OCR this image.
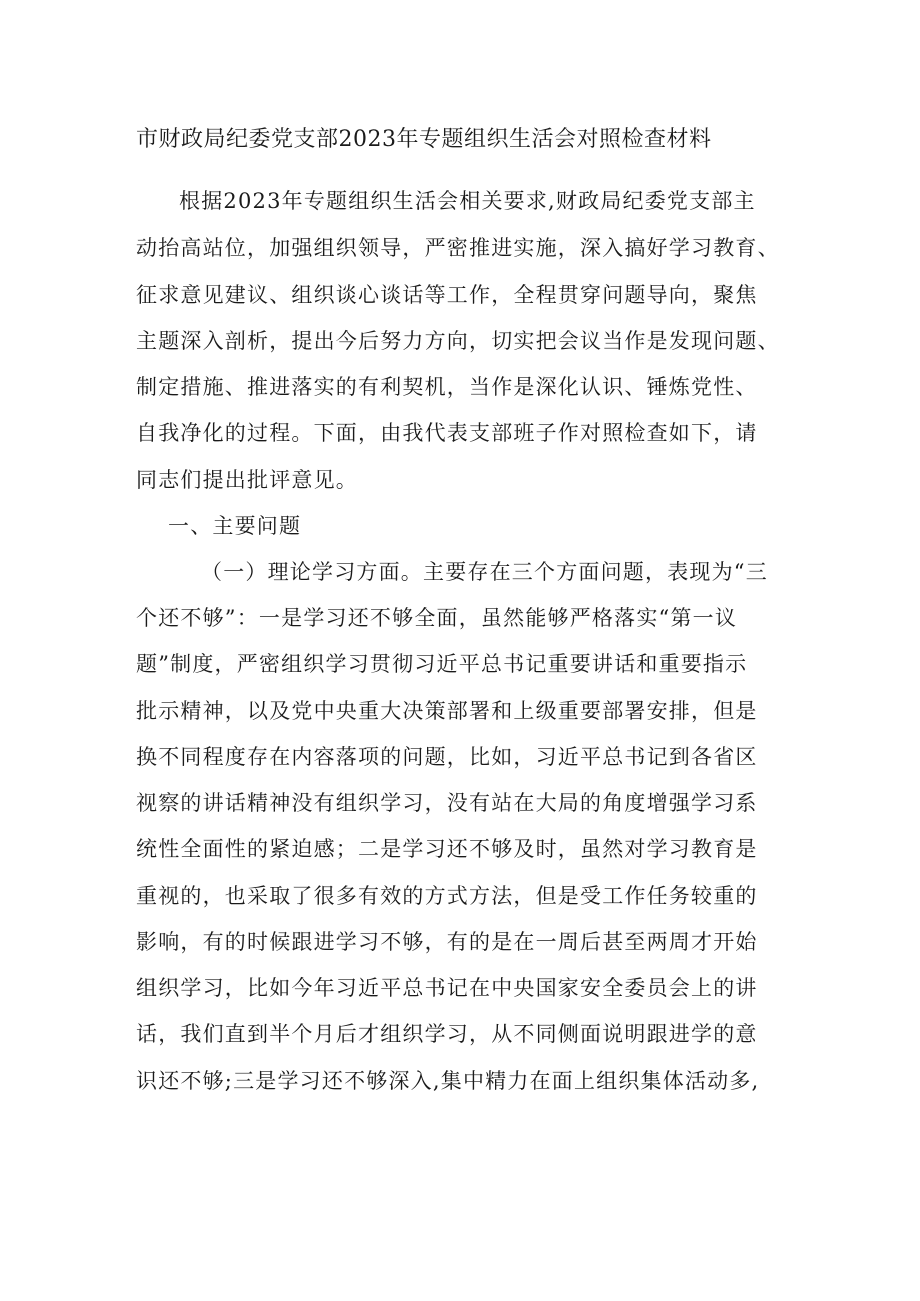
市财政局纪委党支部2023年专题组织生活会对照检查材料
根据2023年专题组织生活会相关要求,财政局纪委党支部主
动抬高站位，加强组织领导，严密推进实施，深入搞好学习教育、
征求意见建议、组织谈心谈话等工作，全程贯穿问题导向，聚焦
主题深入剖析，提出今后努力方向，切实把会议当作是发现问题、
制定措施、推进落实的有利契机，当作是深化认识、锤炼党性、
自我净化的过程。下面，由我代表支部班子作对照检查如下，请
同志们提出批评意见。
一、主要问题
（一）理论学习方面。主要存在三个方面问题，表现为“三
个还不够”：一是学习还不够全面，虽然能够严格落实“第一议
题”制度，严密组织学习贯彻习近平总书记重要讲话和重要指示
批示精神，以及党中央重大决策部署和上级重要部署安排，但是
换不同程度存在内容落项的问题，比如，习近平总书记到各省区
视察的讲话精神没有组织学习，没有站在大局的角度增强学习系
统性全面性的紧迫感；二是学习还不够及时，虽然对学习教育是
重视的，也采取了很多有效的方式方法，但是受工作任务较重的
影响，有的时候跟进学习不够，有的是在一周后甚至两周才开始
组织学习，比如今年习近平总书记在中央国家安全委员会上的讲
话，我们直到半个月后才组织学习，从不同侧面说明跟进学的意
识还不够;三是学习还不够深入,集中精力在面上组织集体活动多,
